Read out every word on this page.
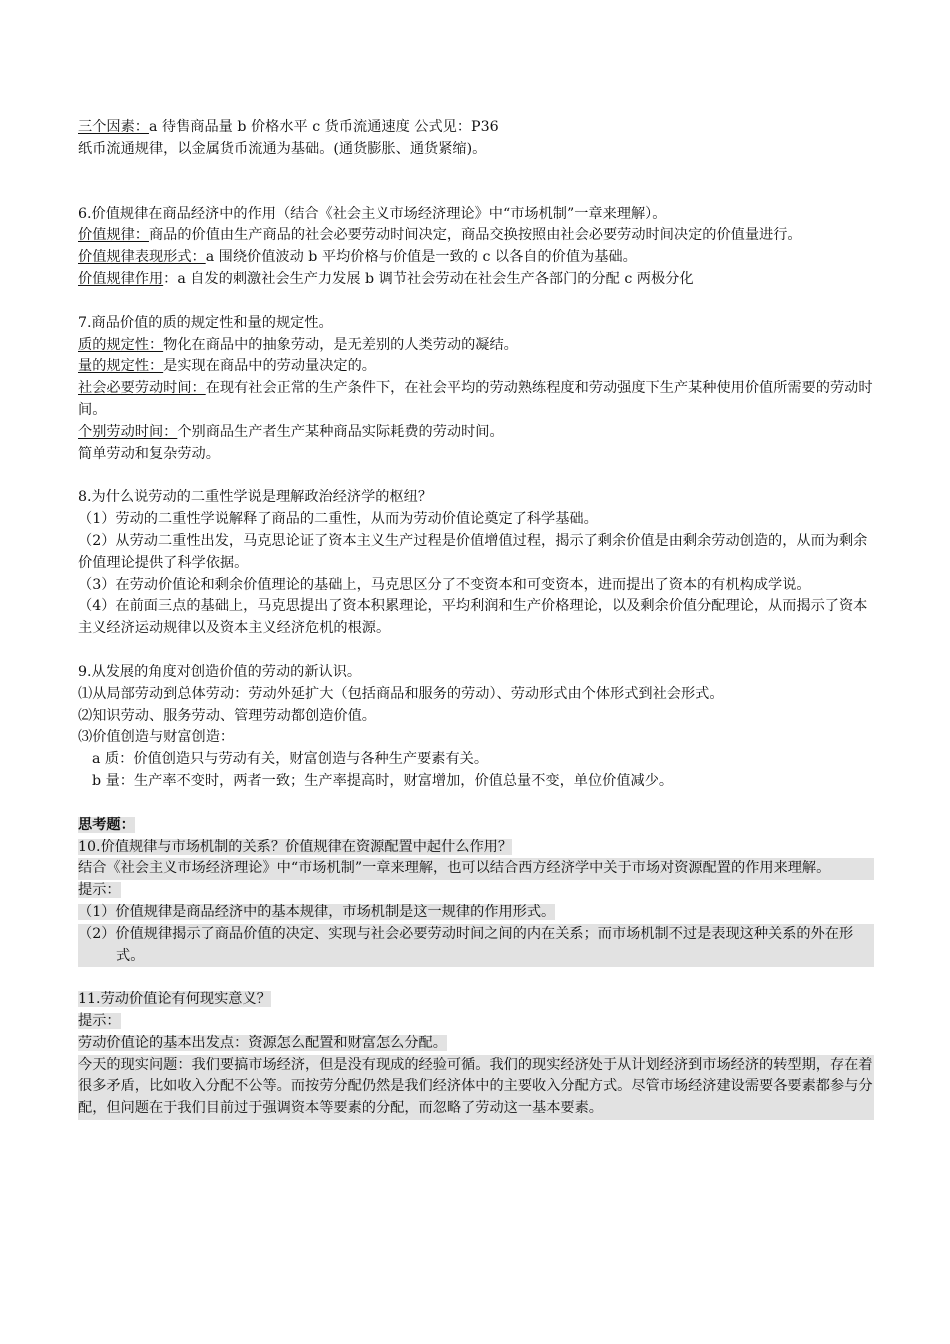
三个因素：a 待售商品量 b 价格水平 c 货币流通速度 公式见：P36
纸币流通规律，以金属货币流通为基础。(通货膨胀、通货紧缩)。
6.价值规律在商品经济中的作用（结合《社会主义市场经济理论》中“市场机制”一章来理解）。
价值规律：商品的价值由生产商品的社会必要劳动时间决定，商品交换按照由社会必要劳动时间决定的价值量进行。
价值规律表现形式：a 围绕价值波动 b 平均价格与价值是一致的 c 以各自的价值为基础。
价值规律作用：a 自发的刺激社会生产力发展 b 调节社会劳动在社会生产各部门的分配 c 两极分化
7.商品价值的质的规定性和量的规定性。
质的规定性：物化在商品中的抽象劳动，是无差别的人类劳动的凝结。
量的规定性：是实现在商品中的劳动量决定的。
社会必要劳动时间：在现有社会正常的生产条件下，在社会平均的劳动熟练程度和劳动强度下生产某种使用价值所需要的劳动时间。
个别劳动时间：个别商品生产者生产某种商品实际耗费的劳动时间。
简单劳动和复杂劳动。
8.为什么说劳动的二重性学说是理解政治经济学的枢纽？
（1）劳动的二重性学说解释了商品的二重性，从而为劳动价值论奠定了科学基础。
（2）从劳动二重性出发，马克思论证了资本主义生产过程是价值增值过程，揭示了剩余价值是由剩余劳动创造的，从而为剩余价值理论提供了科学依据。
（3）在劳动价值论和剩余价值理论的基础上，马克思区分了不变资本和可变资本，进而提出了资本的有机构成学说。
（4）在前面三点的基础上，马克思提出了资本积累理论，平均利润和生产价格理论，以及剩余价值分配理论，从而揭示了资本主义经济运动规律以及资本主义经济危机的根源。
9.从发展的角度对创造价值的劳动的新认识。
⑴从局部劳动到总体劳动：劳动外延扩大（包括商品和服务的劳动）、劳动形式由个体形式到社会形式。
⑵知识劳动、服务劳动、管理劳动都创造价值。
⑶价值创造与财富创造：
a 质：价值创造只与劳动有关，财富创造与各种生产要素有关。
b 量：生产率不变时，两者一致；生产率提高时，财富增加，价值总量不变，单位价值减少。
思考题：
10.价值规律与市场机制的关系？价值规律在资源配置中起什么作用？
结合《社会主义市场经济理论》中“市场机制”一章来理解，也可以结合西方经济学中关于市场对资源配置的作用来理解。
提示：
（1）价值规律是商品经济中的基本规律，市场机制是这一规律的作用形式。
（2）价值规律揭示了商品价值的决定、实现与社会必要劳动时间之间的内在关系；而市场机制不过是表现这种关系的外在形式。
11.劳动价值论有何现实意义？
提示：
劳动价值论的基本出发点：资源怎么配置和财富怎么分配。
今天的现实问题：我们要搞市场经济，但是没有现成的经验可循。我们的现实经济处于从计划经济到市场经济的转型期，存在着很多矛盾，比如收入分配不公等。而按劳分配仍然是我们经济体中的主要收入分配方式。尽管市场经济建设需要各要素都参与分配，但问题在于我们目前过于强调资本等要素的分配，而忽略了劳动这一基本要素。
